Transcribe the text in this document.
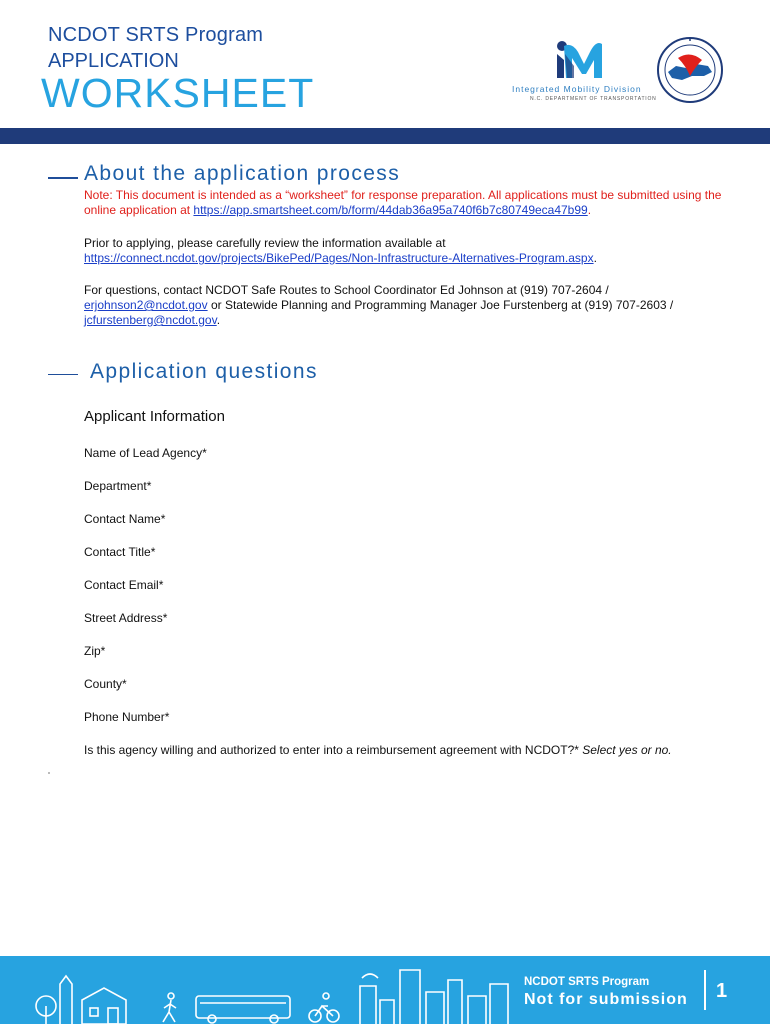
NCDOT SRTS Program
APPLICATION
WORKSHEET	Integrated Mobility Division
N.C. DEPARTMENT OF TRANSPORTATION
About the application process
Note: This document is intended as a “worksheet” for response preparation. All applications must be submitted using the online application at https://app.smartsheet.com/b/form/44dab36a95a740f6b7c80749eca47b99.
Prior to applying, please carefully review the information available at https://connect.ncdot.gov/projects/BikePed/Pages/Non-Infrastructure-Alternatives-Program.aspx.
For questions, contact NCDOT Safe Routes to School Coordinator Ed Johnson at (919) 707-2604 / erjohnson2@ncdot.gov or Statewide Planning and Programming Manager Joe Furstenberg at (919) 707-2603 / jcfurstenberg@ncdot.gov.
Application questions
Applicant Information
Name of Lead Agency*
Department*
Contact Name*
Contact Title*
Contact Email*
Street Address*
Zip*
County*
Phone Number*
Is this agency willing and authorized to enter into a reimbursement agreement with NCDOT?* Select yes or no.
NCDOT SRTS Program
Not for submission 1
